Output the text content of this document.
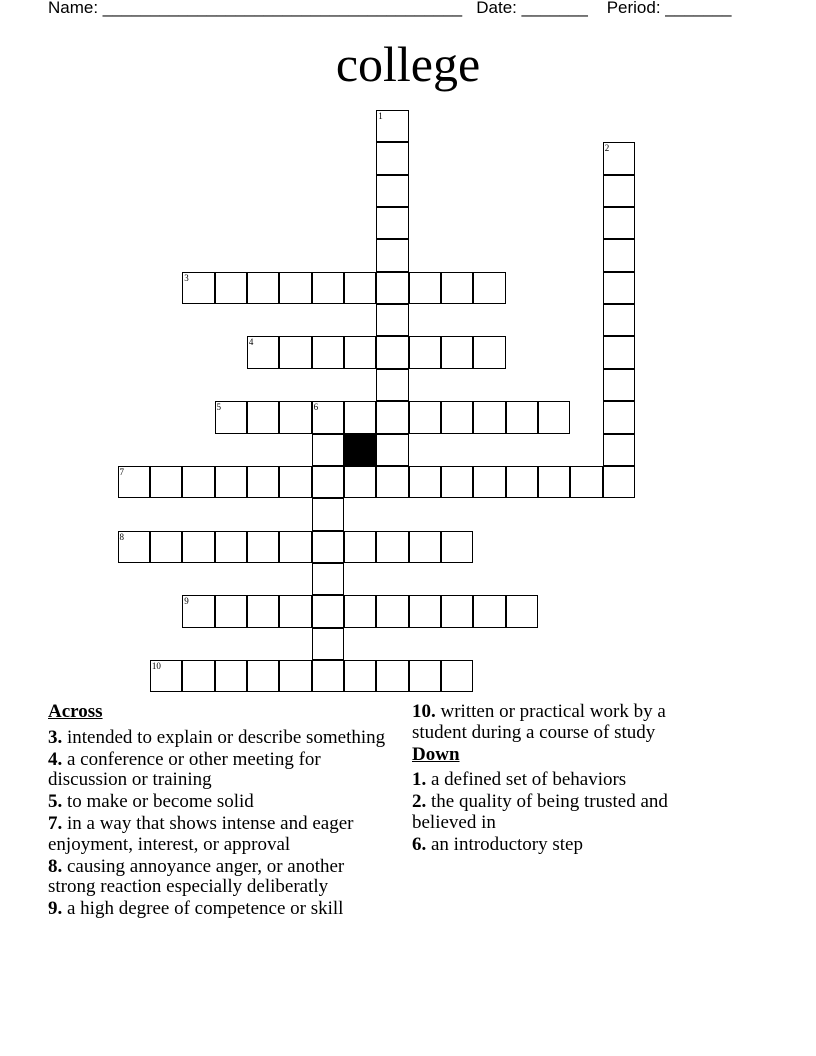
Name: ______________________________________ Date: _______ Period: _______
college
1
2
3
4
5	6
7
8
9
10
Across
3. intended to explain or describe something
4. a conference or other meeting for discussion or training
5. to make or become solid
7. in a way that shows intense and eager enjoyment, interest, or approval
8. causing annoyance anger, or another strong reaction especially deliberatly
9. a high degree of competence or skill
10. written or practical work by a student during a course of study
Down
1. a defined set of behaviors
2. the quality of being trusted and believed in
6. an introductory step
